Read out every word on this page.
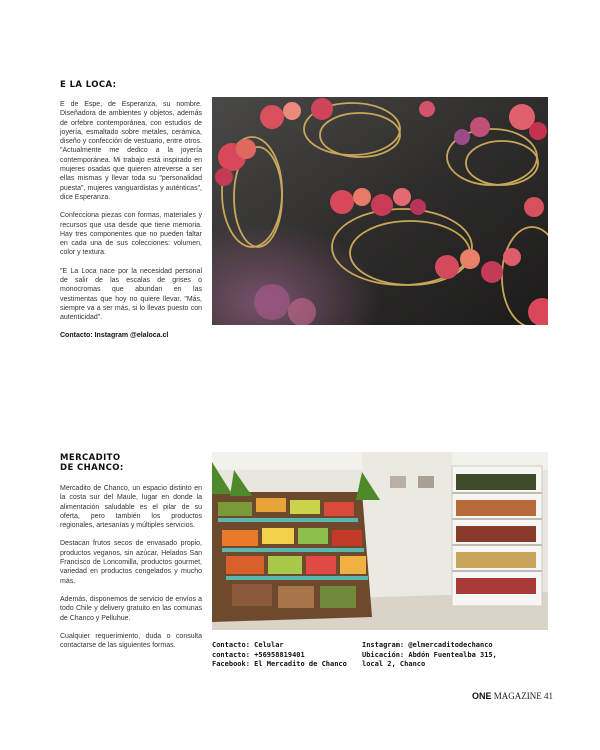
E LA LOCA:

E de Espe, de Esperanza, su nombre. Diseñadora de ambientes y objetos, además de orfebre contemporánea, con estudios de joyería, esmaltado sobre metales, cerámica, diseño y confección de vestuario, entre otros. "Actualmente me dedico a la joyería contemporánea. Mi trabajo está inspirado en mujeres osadas que quieren atreverse a ser ellas mismas y llevar toda su "personalidad puesta", mujeres vanguardistas y auténticas", dice Esperanza.

Confecciona piezas con formas, materiales y recursos que usa desde que tiene memoria. Hay tres componentes que no pueden faltar en cada una de sus colecciones: volumen, color y textura.

"E La Loca nace por la necesidad personal de salir de las escalas de grises o monocromas que abundan en las vestimentas que hoy no quiere llevar. "Más, siempre va a ser más, si lo llevas puesto con autenticidad".

Contacto: Instagram @elaloca.cl
MERCADITO
DE CHANCO:

Mercadito de Chanco, un espacio distinto en la costa sur del Maule, lugar en donde la alimentación saludable es el pilar de su oferta, pero también los productos regionales, artesanías y múltiples servicios.

Destacan frutos secos de envasado propio, productos veganos, sin azúcar, Helados San Francisco de Loncomilla, productos gourmet, variedad en productos congelados y mucho más.

Además, disponemos de servicio de envíos a todo Chile y delivery gratuito en las comunas de Chanco y Pelluhue.

Cualquier requerimiento, duda o consulta contactarse de las siguientes formas.	Contacto: Celular
contacto: +56958819401
Facebook: El Mercadito de Chanco
Instagram: @elmercaditodechanco
Ubicación: Abdón Fuentealba 315,
local 2, Chanco
ONE MAGAZINE 41
